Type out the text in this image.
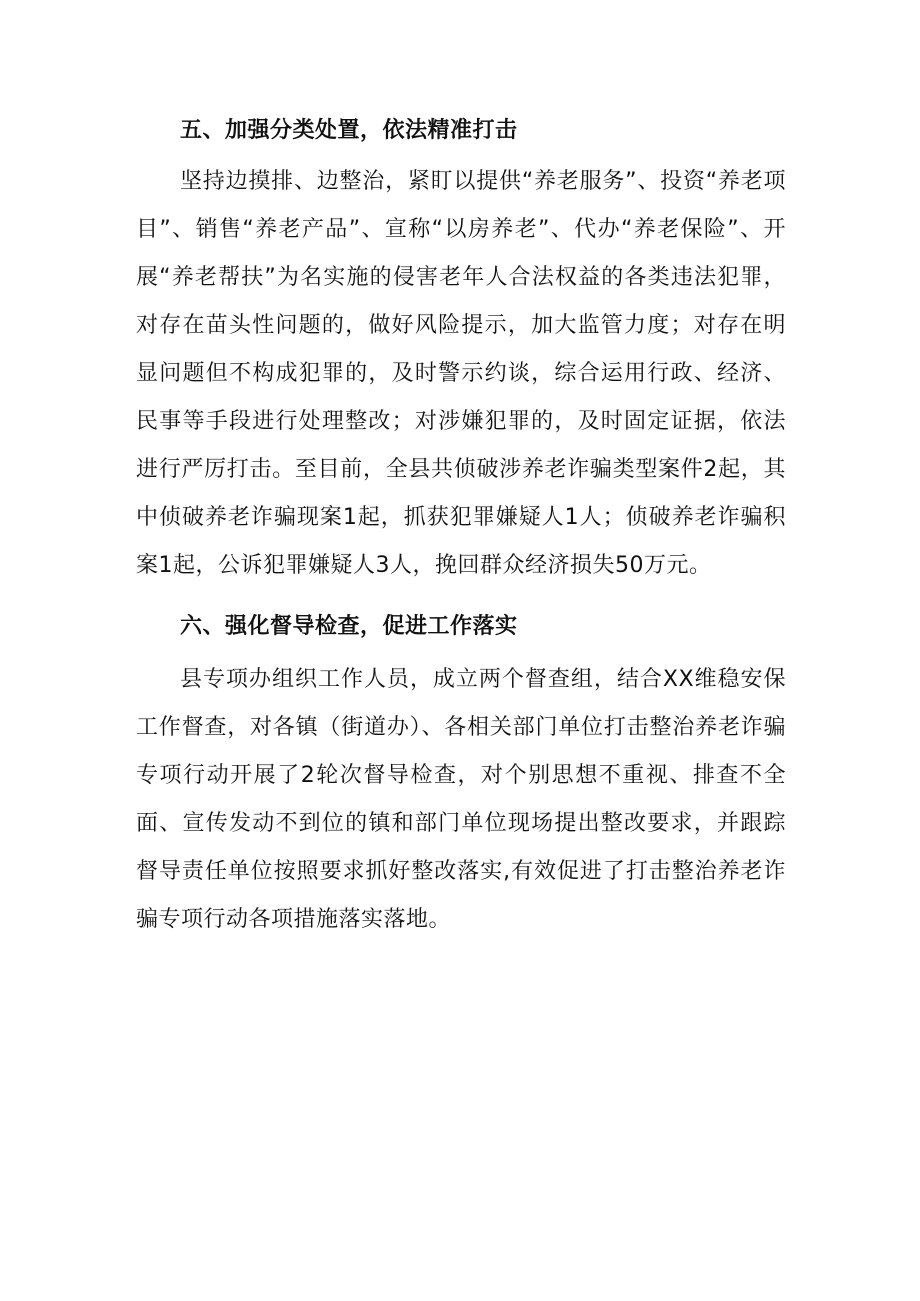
五、加强分类处置，依法精准打击

坚持边摸排、边整治，紧盯以提供“养老服务”、投资“养老项目”、销售“养老产品”、宣称“以房养老”、代办“养老保险”、开展“养老帮扶”为名实施的侵害老年人合法权益的各类违法犯罪，对存在苗头性问题的，做好风险提示，加大监管力度；对存在明显问题但不构成犯罪的，及时警示约谈，综合运用行政、经济、民事等手段进行处理整改；对涉嫌犯罪的，及时固定证据，依法进行严厉打击。至目前，全县共侦破涉养老诈骗类型案件2起，其中侦破养老诈骗现案1起，抓获犯罪嫌疑人1人；侦破养老诈骗积案1起，公诉犯罪嫌疑人3人，挽回群众经济损失50万元。

六、强化督导检查，促进工作落实

县专项办组织工作人员，成立两个督查组，结合XX维稳安保工作督查，对各镇（街道办）、各相关部门单位打击整治养老诈骗专项行动开展了2轮次督导检查，对个别思想不重视、排查不全面、宣传发动不到位的镇和部门单位现场提出整改要求，并跟踪督导责任单位按照要求抓好整改落实,有效促进了打击整治养老诈骗专项行动各项措施落实落地。
